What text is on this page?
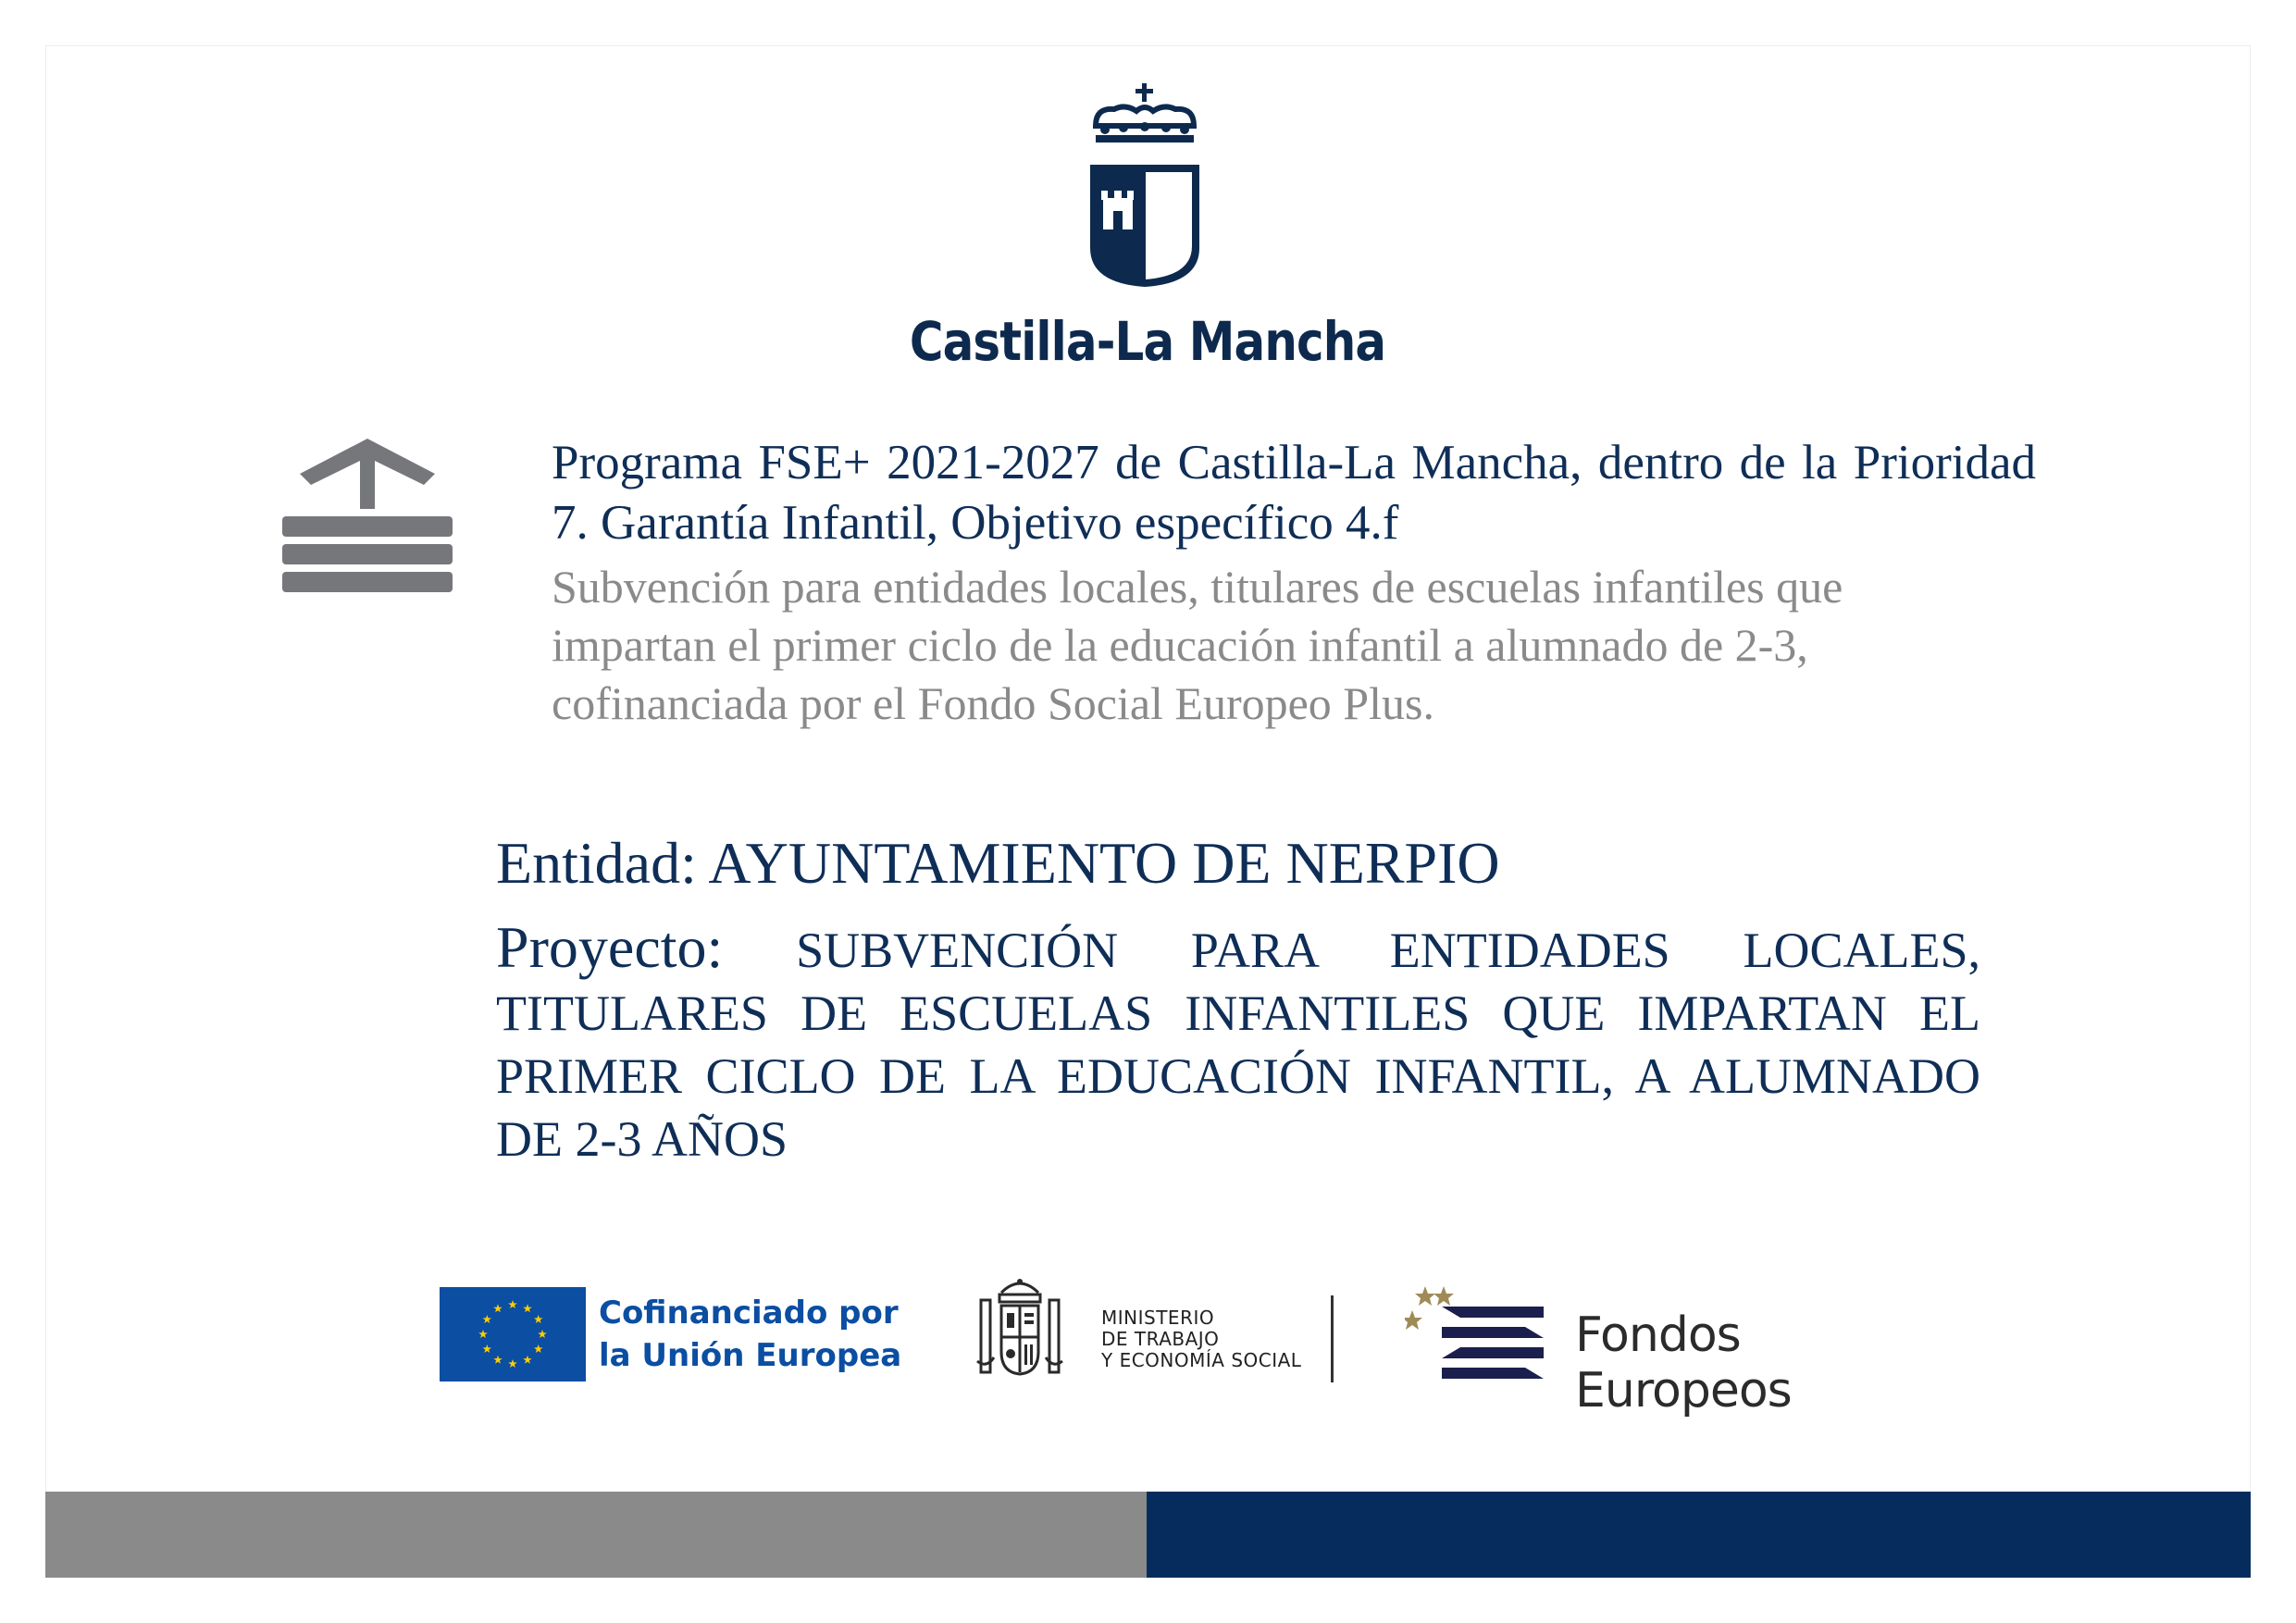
Castilla-La Mancha
Programa FSE+ 2021-2027 de Castilla-La Mancha, dentro de la Prioridad 7. Garantía Infantil, Objetivo específico 4.f
Subvención para entidades locales, titulares de escuelas infantiles que impartan el primer ciclo de la educación infantil a alumnado de 2-3, cofinanciada por el Fondo Social Europeo Plus.
Entidad: AYUNTAMIENTO DE NERPIO
Proyecto: SUBVENCIÓN PARA ENTIDADES LOCALES, TITULARES DE ESCUELAS INFANTILES QUE IMPARTAN EL PRIMER CICLO DE LA EDUCACIÓN INFANTIL, A ALUMNADO DE 2-3 AÑOS
Cofinanciado por
la Unión Europea
MINISTERIO
DE TRABAJO
Y ECONOMÍA SOCIAL	Fondos Europeos
